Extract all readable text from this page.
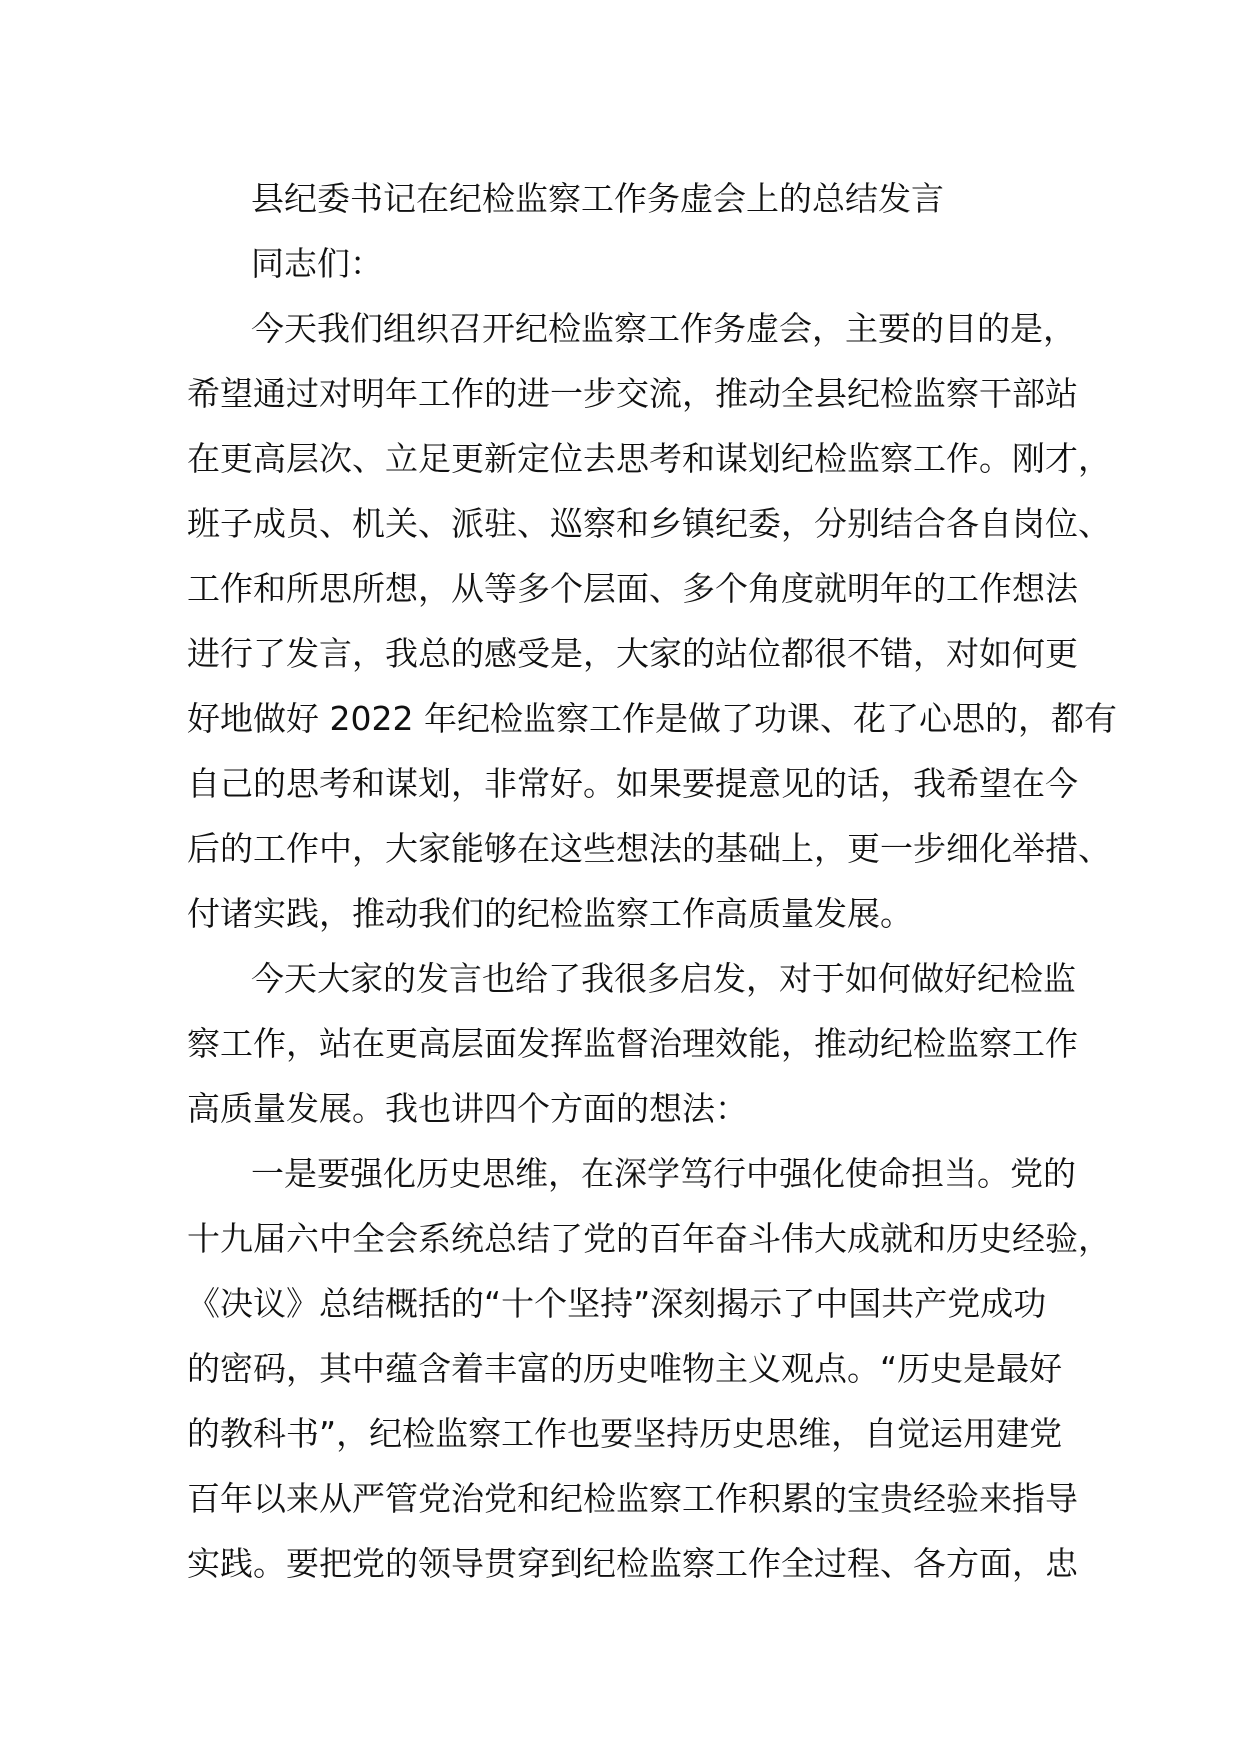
县纪委书记在纪检监察工作务虚会上的总结发言
同志们：
今天我们组织召开纪检监察工作务虚会，主要的目的是，
希望通过对明年工作的进一步交流，推动全县纪检监察干部站
在更高层次、立足更新定位去思考和谋划纪检监察工作。刚才，
班子成员、机关、派驻、巡察和乡镇纪委，分别结合各自岗位、
工作和所思所想，从等多个层面、多个角度就明年的工作想法
进行了发言，我总的感受是，大家的站位都很不错，对如何更
好地做好 2022 年纪检监察工作是做了功课、花了心思的，都有
自己的思考和谋划，非常好。如果要提意见的话，我希望在今
后的工作中，大家能够在这些想法的基础上，更一步细化举措、
付诸实践，推动我们的纪检监察工作高质量发展。
今天大家的发言也给了我很多启发，对于如何做好纪检监
察工作，站在更高层面发挥监督治理效能，推动纪检监察工作
高质量发展。我也讲四个方面的想法：
一是要强化历史思维，在深学笃行中强化使命担当。党的
十九届六中全会系统总结了党的百年奋斗伟大成就和历史经验，
《决议》总结概括的“十个坚持”深刻揭示了中国共产党成功
的密码，其中蕴含着丰富的历史唯物主义观点。“历史是最好
的教科书”，纪检监察工作也要坚持历史思维，自觉运用建党
百年以来从严管党治党和纪检监察工作积累的宝贵经验来指导
实践。要把党的领导贯穿到纪检监察工作全过程、各方面，忠
